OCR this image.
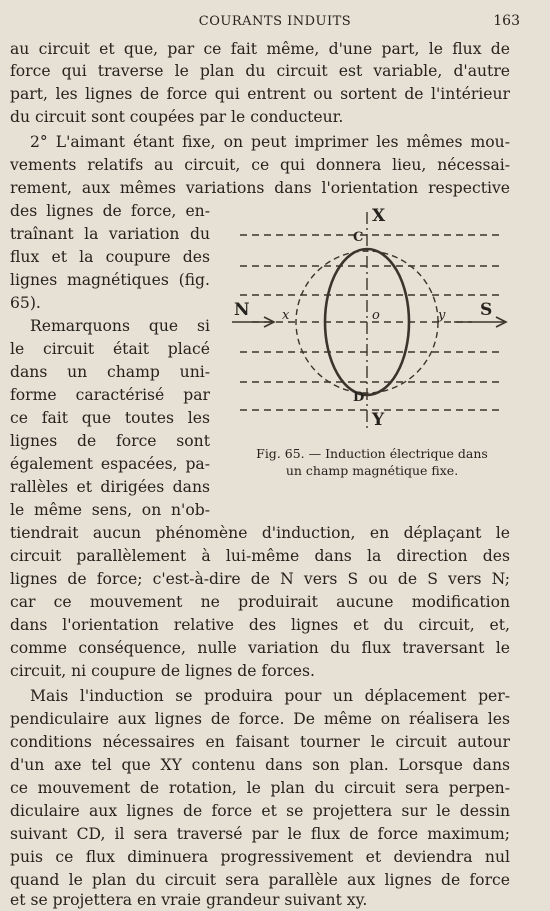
COURANTS INDUITS	163
au circuit et que, par ce fait même, d'une part, le flux de
force qui traverse le plan du circuit est variable, d'autre
part, les lignes de force qui entrent ou sortent de l'intérieur
du circuit sont coupées par le conducteur.
2° L'aimant étant fixe, on peut imprimer les mêmes mou-
vements relatifs au circuit, ce qui donnera lieu, nécessai-
rement, aux mêmes variations dans l'orientation respective
des lignes de force, en-
traînant la variation du
flux et la coupure des
lignes magnétiques (fig.
65).
Remarquons que si
le circuit était placé
dans un champ uni-
forme caractérisé par
ce fait que toutes les
lignes de force sont
également espacées, pa-
rallèles et dirigées dans
le même sens, on n'ob-
tiendrait aucun phénomène d'induction, en déplaçant le
circuit parallèlement à lui-même dans la direction des
lignes de force; c'est-à-dire de N vers S ou de S vers N;
car ce mouvement ne produirait aucune modification
dans l'orientation relative des lignes et du circuit, et,
comme conséquence, nulle variation du flux traversant le
circuit, ni coupure de lignes de forces.
Mais l'induction se produira pour un déplacement per-
pendiculaire aux lignes de force. De même on réalisera les
conditions nécessaires en faisant tourner le circuit autour
d'un axe tel que XY contenu dans son plan. Lorsque dans
ce mouvement de rotation, le plan du circuit sera perpen-
diculaire aux lignes de force et se projettera sur le dessin
suivant CD, il sera traversé par le flux de force maximum;
puis ce flux diminuera progressivement et deviendra nul
quand le plan du circuit sera parallèle aux lignes de force
et se projettera en vraie grandeur suivant xy.
X
Y
C
D
N	S
x	y
o
Fig. 65. — Induction électrique dans
un champ magnétique fixe.
